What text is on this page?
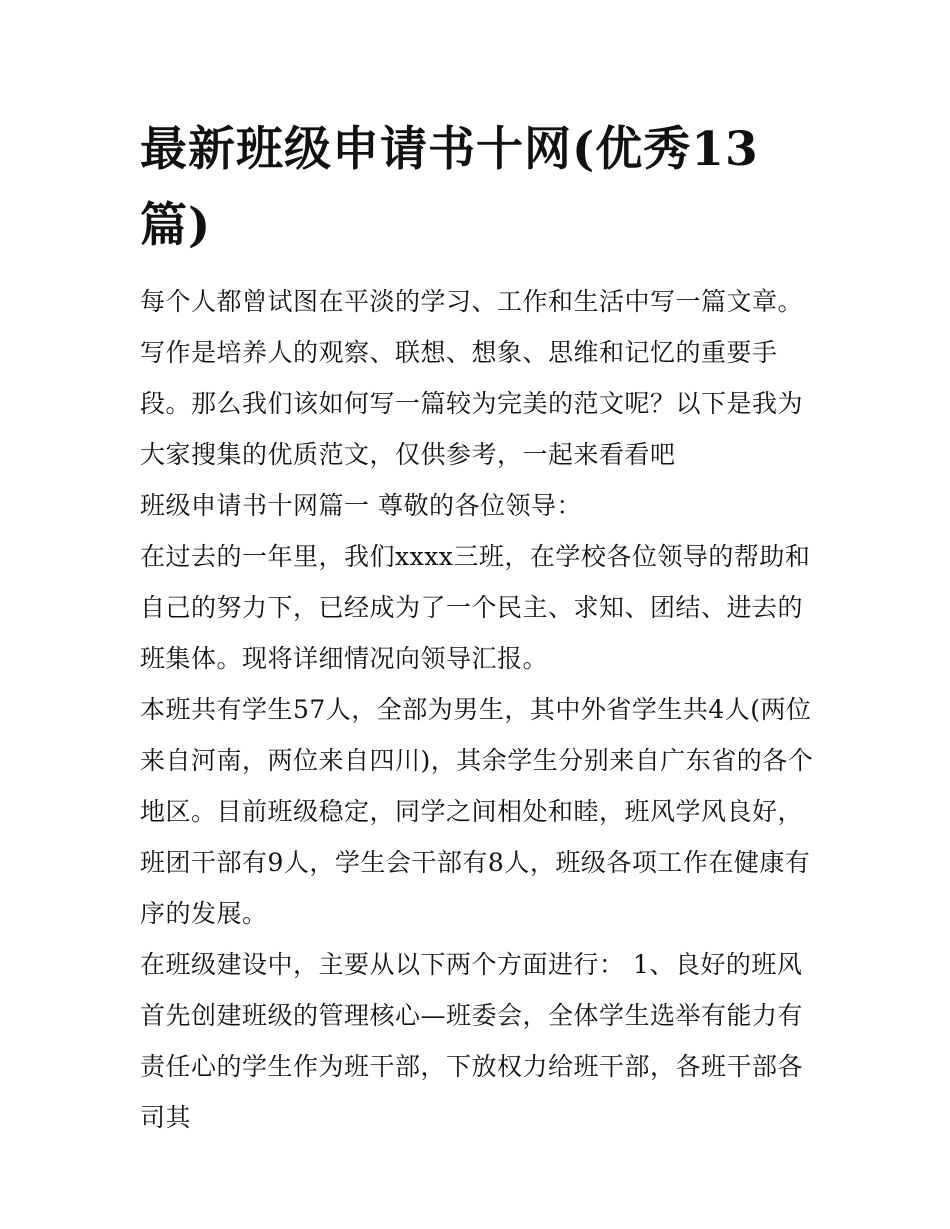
最新班级申请书十网(优秀13篇)

每个人都曾试图在平淡的学习、工作和生活中写一篇文章。写作是培养人的观察、联想、想象、思维和记忆的重要手段。那么我们该如何写一篇较为完美的范文呢？以下是我为大家搜集的优质范文，仅供参考，一起来看看吧

班级申请书十网篇一 尊敬的各位领导：

在过去的一年里，我们xxxx三班，在学校各位领导的帮助和自己的努力下，已经成为了一个民主、求知、团结、进去的班集体。现将详细情况向领导汇报。

本班共有学生57人，全部为男生，其中外省学生共4人(两位来自河南，两位来自四川)，其余学生分别来自广东省的各个地区。目前班级稳定，同学之间相处和睦，班风学风良好，班团干部有9人，学生会干部有8人，班级各项工作在健康有序的发展。

在班级建设中，主要从以下两个方面进行： 1、良好的班风

首先创建班级的管理核心—班委会，全体学生选举有能力有责任心的学生作为班干部，下放权力给班干部，各班干部各司其
